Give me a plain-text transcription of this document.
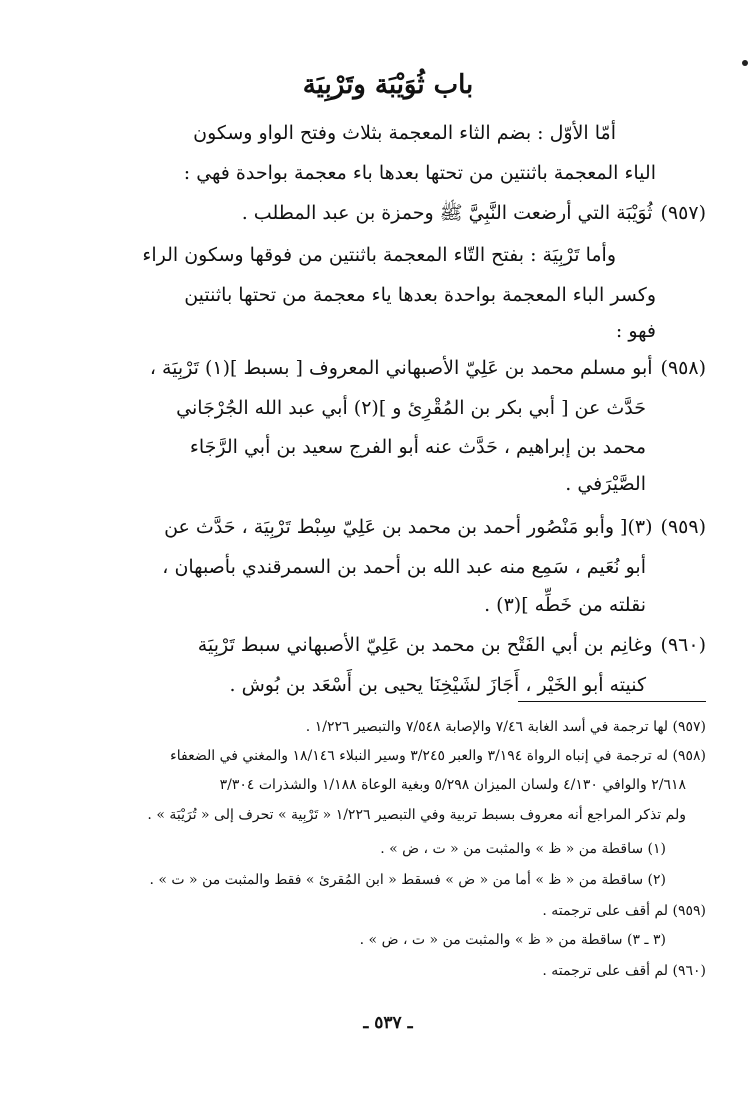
باب ثُوَيْبَة وتَرْبِيَة
أمّا الأوّل : بضم الثاء المعجمة بثلاث وفتح الواو وسكون
الياء المعجمة باثنتين من تحتها بعدها باء معجمة بواحدة فهي :
(٩٥٧)ثُوَيْبَة التي أرضعت النَّبِيَّ ﷺ وحمزة بن عبد المطلب .
وأما تَرْبِيَة : بفتح التّاء المعجمة باثنتين من فوقها وسكون الراء
وكسر الباء المعجمة بواحدة بعدها ياء معجمة من تحتها باثنتين
فهو :
(٩٥٨)أبو مسلم محمد بن عَلِيّ الأصبهاني المعروف [ بسبط ](١) تَرْبِيَة ،
حَدَّث عن [ أبي بكر بن المُقْرِئ و ](٢) أبي عبد الله الجُرْجَاني
محمد بن إبراهيم ، حَدَّث عنه أبو الفرج سعيد بن أبي الرَّجَاء
الصَّيْرَفي .
(٩٥٩)(٣)[ وأبو مَنْصُور أحمد بن محمد بن عَلِيّ سِبْط تَرْبِيَة ، حَدَّث عن
أبو نُعَيم ، سَمِع منه عبد الله بن أحمد بن السمرقندي بأصبهان ،
نقلته من خَطِّه ](٣) .
(٩٦٠)وغانِم بن أبي الفَتْح بن محمد بن عَلِيّ الأصبهاني سبط تَرْبِيَة
كنيته أبو الخَيْر ، أَجَازَ لشَيْخِنَا يحيى بن أَسْعَد بن بُوش .
(٩٥٧) لها ترجمة في أسد الغابة ٧/٤٦ والإصابة ٧/٥٤٨ والتبصير ١/٢٢٦ .
(٩٥٨) له ترجمة في إنباه الرواة ٣/١٩٤ والعبر ٣/٢٤٥ وسير النبلاء ١٨/١٤٦ والمغني في الضعفاء
٢/٦١٨ والوافي ٤/١٣٠ ولسان الميزان ٥/٢٩٨ وبغية الوعاة ١/١٨٨ والشذرات ٣/٣٠٤
ولم تذكر المراجع أنه معروف بسبط تربية وفي التبصير ١/٢٢٦ « تَرْبِية » تحرف إلى « تُرَيْبَة » .
(١) ساقطة من « ظ » والمثبت من « ت ، ض » .
(٢) ساقطة من « ظ » أما من « ض » فسقط « ابن المُقرئ » فقط والمثبت من « ت » .
(٩٥٩) لم أقف على ترجمته .
(٣ ـ ٣) ساقطة من « ظ » والمثبت من « ت ، ض » .
(٩٦٠) لم أقف على ترجمته .
ـ ٥٣٧ ـ
